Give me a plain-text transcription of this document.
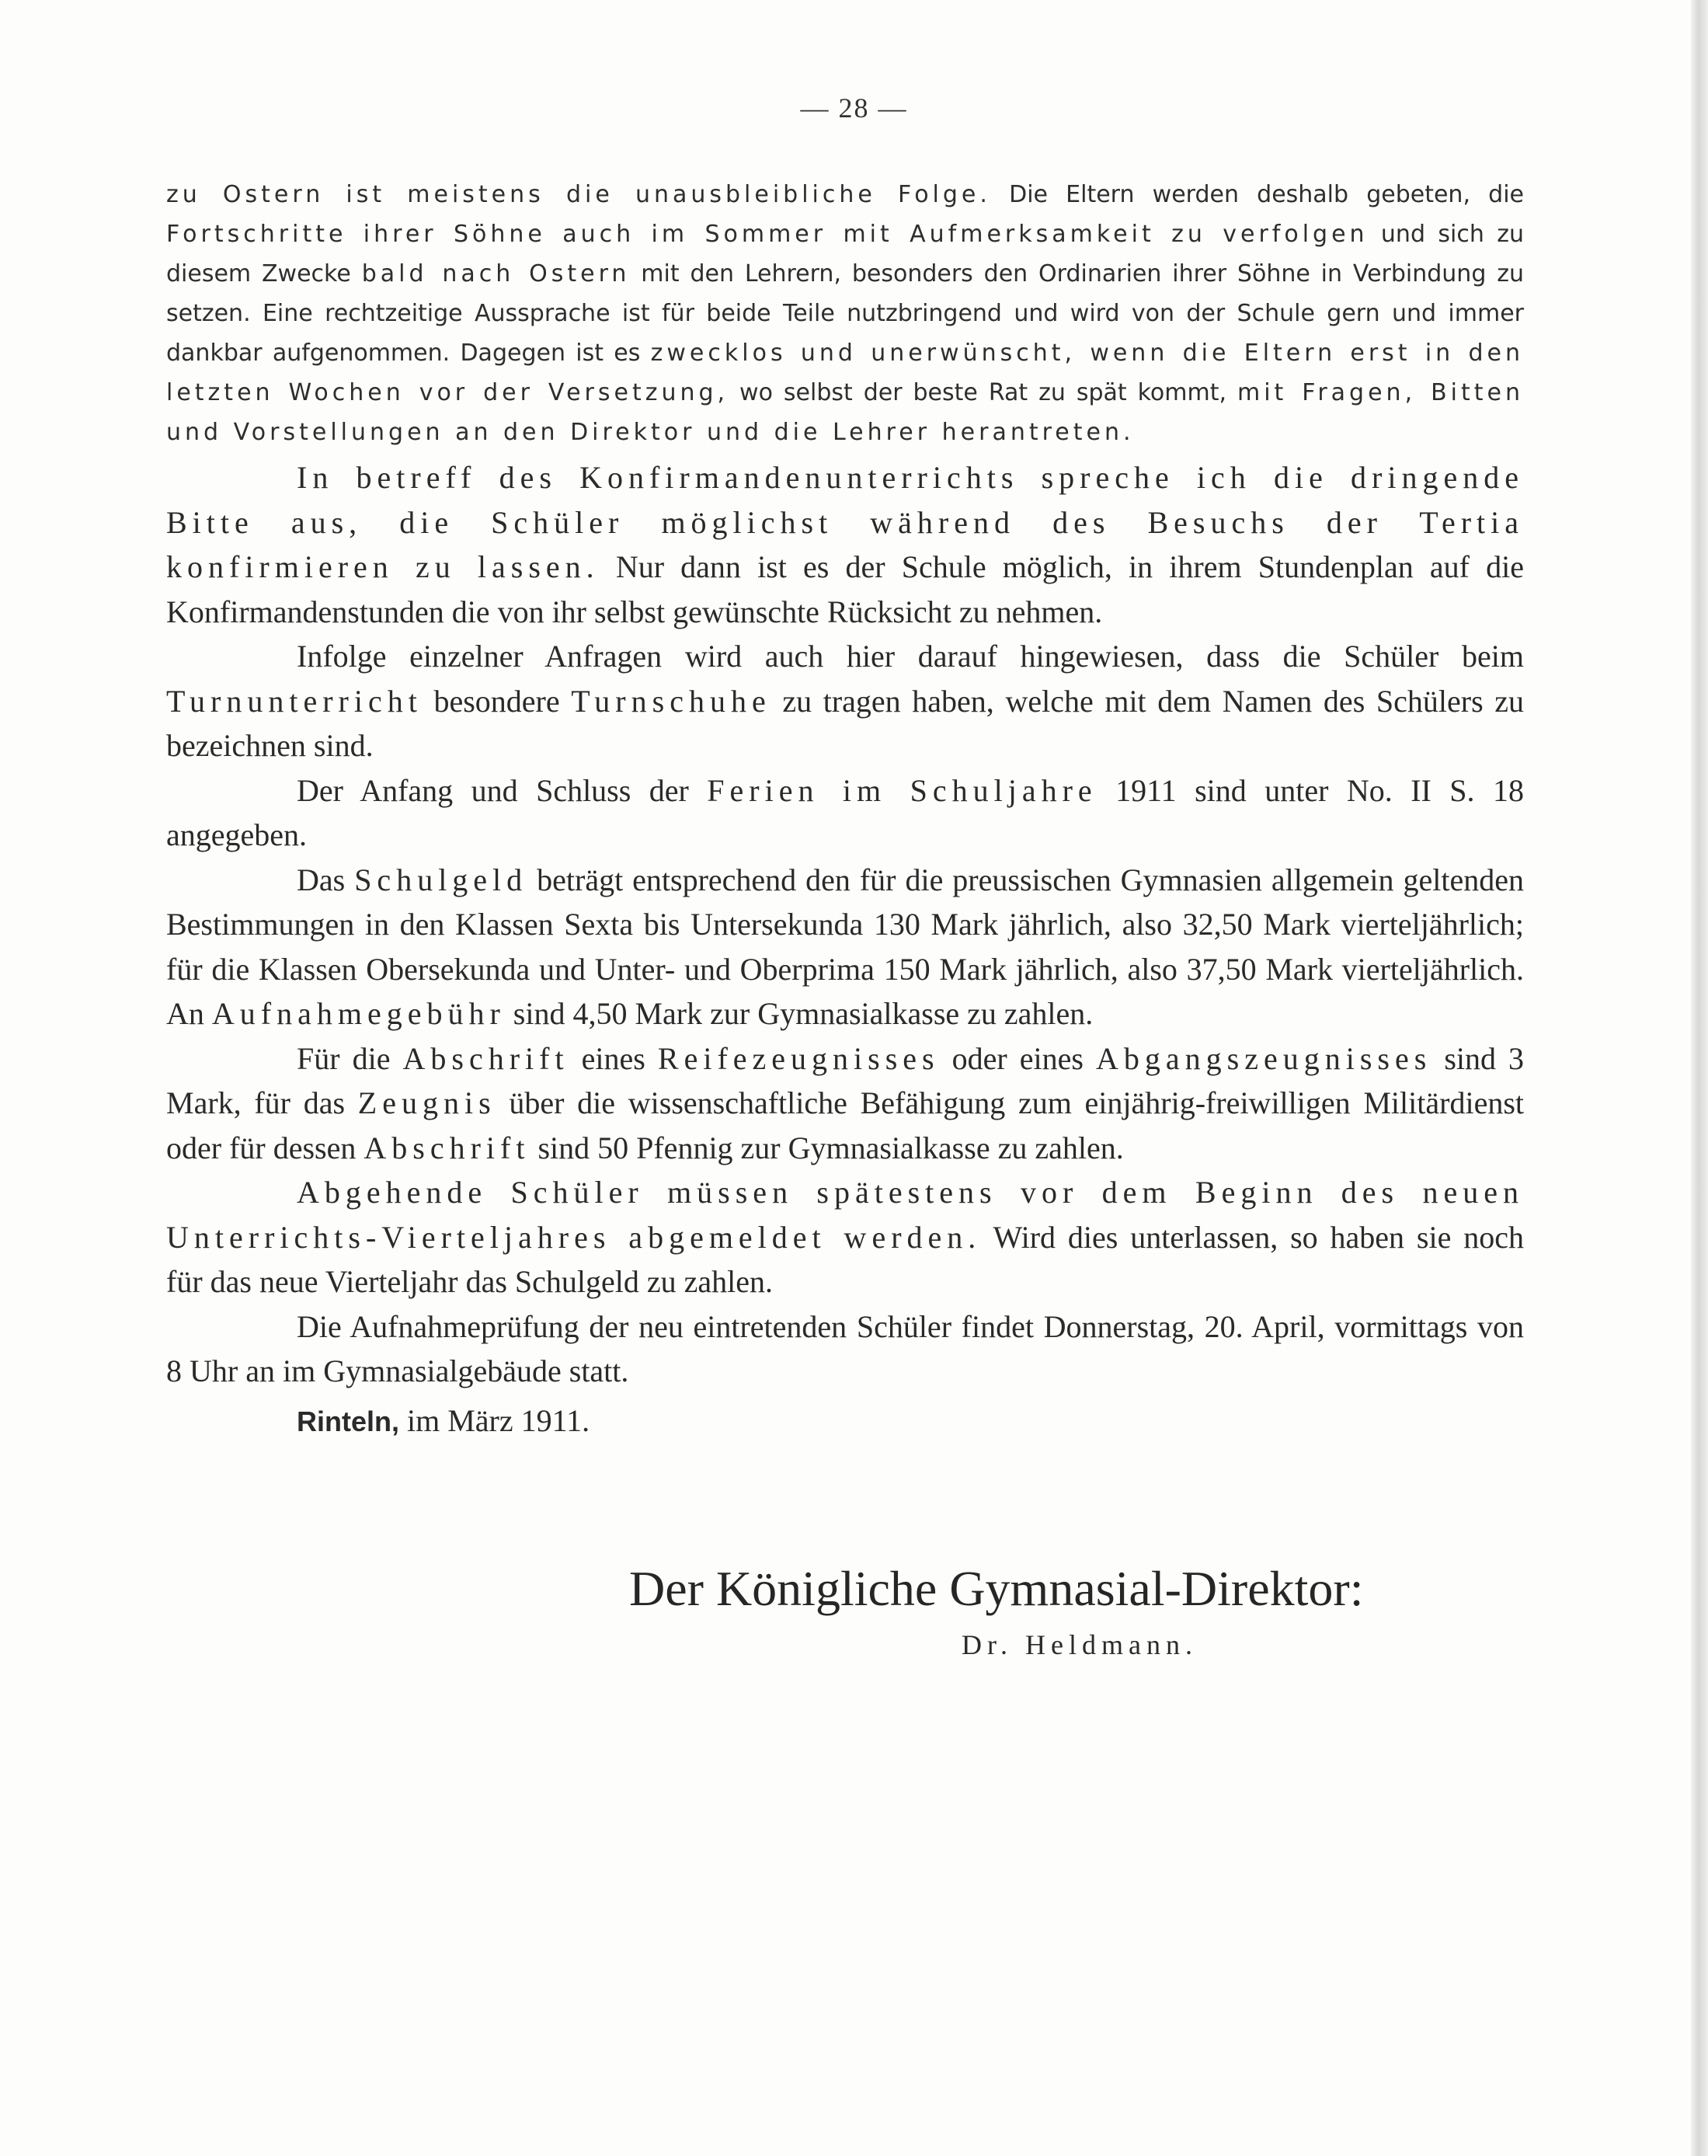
— 28 —

zu Ostern ist meistens die unausbleibliche Folge. Die Eltern werden deshalb gebeten, die Fortschritte ihrer Söhne auch im Sommer mit Aufmerksamkeit zu verfolgen und sich zu diesem Zwecke bald nach Ostern mit den Lehrern, besonders den Ordinarien ihrer Söhne in Verbindung zu setzen. Eine rechtzeitige Aussprache ist für beide Teile nutzbringend und wird von der Schule gern und immer dankbar aufgenommen. Dagegen ist es zwecklos und unerwünscht, wenn die Eltern erst in den letzten Wochen vor der Versetzung, wo selbst der beste Rat zu spät kommt, mit Fragen, Bitten und Vorstellungen an den Direktor und die Lehrer herantreten.

In betreff des Konfirmandenunterrichts spreche ich die dringende Bitte aus, die Schüler möglichst während des Besuchs der Tertia konfirmieren zu lassen. Nur dann ist es der Schule möglich, in ihrem Stundenplan auf die Konfirmandenstunden die von ihr selbst gewünschte Rücksicht zu nehmen.

Infolge einzelner Anfragen wird auch hier darauf hingewiesen, dass die Schüler beim Turnunterricht besondere Turnschuhe zu tragen haben, welche mit dem Namen des Schülers zu bezeichnen sind.

Der Anfang und Schluss der Ferien im Schuljahre 1911 sind unter No. II S. 18 angegeben.

Das Schulgeld beträgt entsprechend den für die preussischen Gymnasien allgemein geltenden Bestimmungen in den Klassen Sexta bis Untersekunda 130 Mark jährlich, also 32,50 Mark vierteljährlich; für die Klassen Obersekunda und Unter- und Oberprima 150 Mark jährlich, also 37,50 Mark vierteljährlich. An Aufnahmegebühr sind 4,50 Mark zur Gymnasialkasse zu zahlen.

Für die Abschrift eines Reifezeugnisses oder eines Abgangszeugnisses sind 3 Mark, für das Zeugnis über die wissenschaftliche Befähigung zum einjährig-freiwilligen Militärdienst oder für dessen Abschrift sind 50 Pfennig zur Gymnasialkasse zu zahlen.

Abgehende Schüler müssen spätestens vor dem Beginn des neuen Unterrichts-Vierteljahres abgemeldet werden. Wird dies unterlassen, so haben sie noch für das neue Vierteljahr das Schulgeld zu zahlen.

Die Aufnahmeprüfung der neu eintretenden Schüler findet Donnerstag, 20. April, vormittags von 8 Uhr an im Gymnasialgebäude statt.

Rinteln, im März 1911.

Der Königliche Gymnasial-Direktor:
Dr. Heldmann.
